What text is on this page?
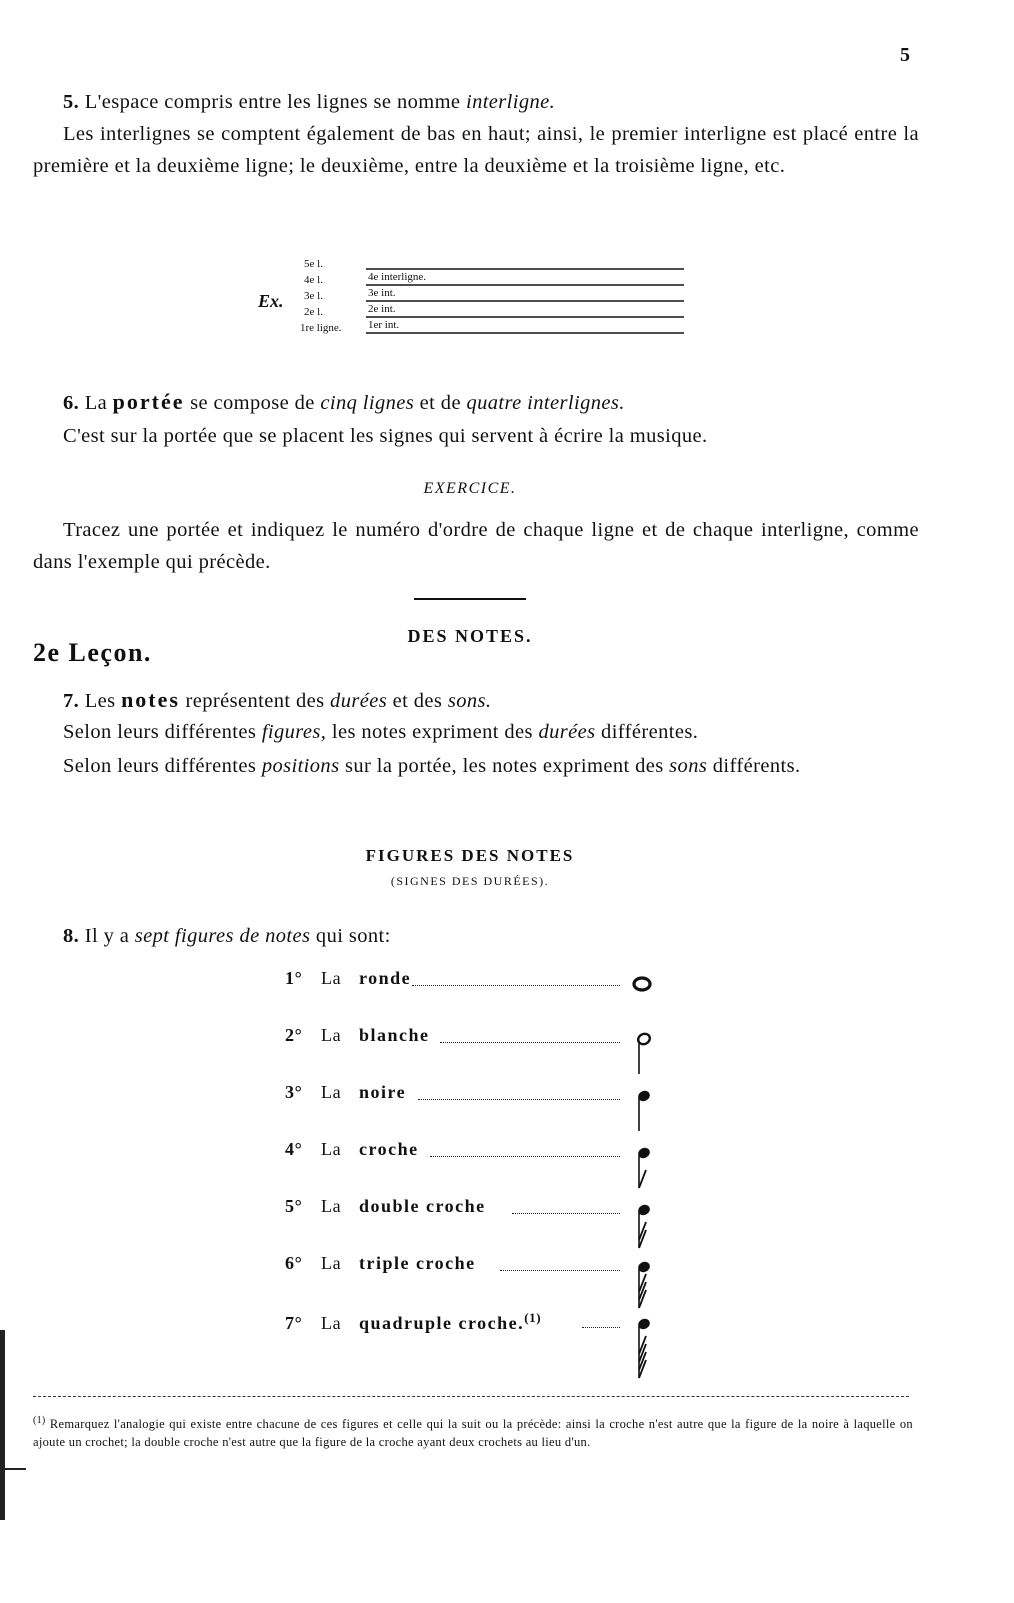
5
5. L'espace compris entre les lignes se nomme interligne.
Les interlignes se comptent également de bas en haut; ainsi, le premier interligne est placé entre la première et la deuxième ligne; le deuxième, entre la deuxième et la troisième ligne, etc.
Ex.
5e l.
4e l.
3e l.
2e l.
1re ligne.
4e interligne.
3e int.
2e int.
1er int.
6. La portée se compose de cinq lignes et de quatre interlignes.
C'est sur la portée que se placent les signes qui servent à écrire la musique.
EXERCICE.
Tracez une portée et indiquez le numéro d'ordre de chaque ligne et de chaque interligne, comme dans l'exemple qui précède.
2e Leçon.
DES NOTES.
7. Les notes représentent des durées et des sons.
Selon leurs différentes figures, les notes expriment des durées différentes.
Selon leurs différentes positions sur la portée, les notes expriment des sons différents.
FIGURES DES NOTES
(SIGNES DES DURÉES).
8. Il y a sept figures de notes qui sont:
1° La ronde
2° La blanche
3° La noire
4° La croche
5° La double croche
6° La triple croche
7° La quadruple croche.$^{(1)}$
$^{(1)}$ Remarquez l'analogie qui existe entre chacune de ces figures et celle qui la suit ou la précède: ainsi la croche n'est autre que la figure de la noire à laquelle on ajoute un crochet; la double croche n'est autre que la figure de la croche ayant deux crochets au lieu d'un.
